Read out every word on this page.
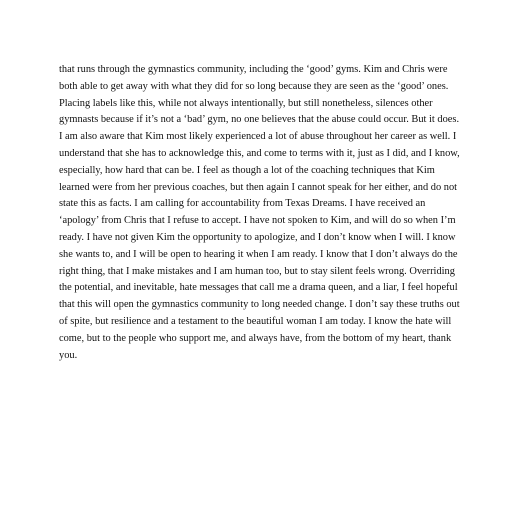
that runs through the gymnastics community, including the ‘good’ gyms. Kim and Chris were
both able to get away with what they did for so long because they are seen as the ‘good’ ones.
Placing labels like this, while not always intentionally, but still nonetheless, silences other
gymnasts because if it’s not a ‘bad’ gym, no one believes that the abuse could occur. But it does.
I am also aware that Kim most likely experienced a lot of abuse throughout her career as well. I
understand that she has to acknowledge this, and come to terms with it, just as I did, and I know,
especially, how hard that can be. I feel as though a lot of the coaching techniques that Kim
learned were from her previous coaches, but then again I cannot speak for her either, and do not
state this as facts. I am calling for accountability from Texas Dreams. I have received an
‘apology’ from Chris that I refuse to accept. I have not spoken to Kim, and will do so when I’m
ready. I have not given Kim the opportunity to apologize, and I don’t know when I will. I know
she wants to, and I will be open to hearing it when I am ready. I know that I don’t always do the
right thing, that I make mistakes and I am human too, but to stay silent feels wrong. Overriding
the potential, and inevitable, hate messages that call me a drama queen, and a liar, I feel hopeful
that this will open the gymnastics community to long needed change. I don’t say these truths out
of spite, but resilience and a testament to the beautiful woman I am today. I know the hate will
come, but to the people who support me, and always have, from the bottom of my heart, thank
you.
